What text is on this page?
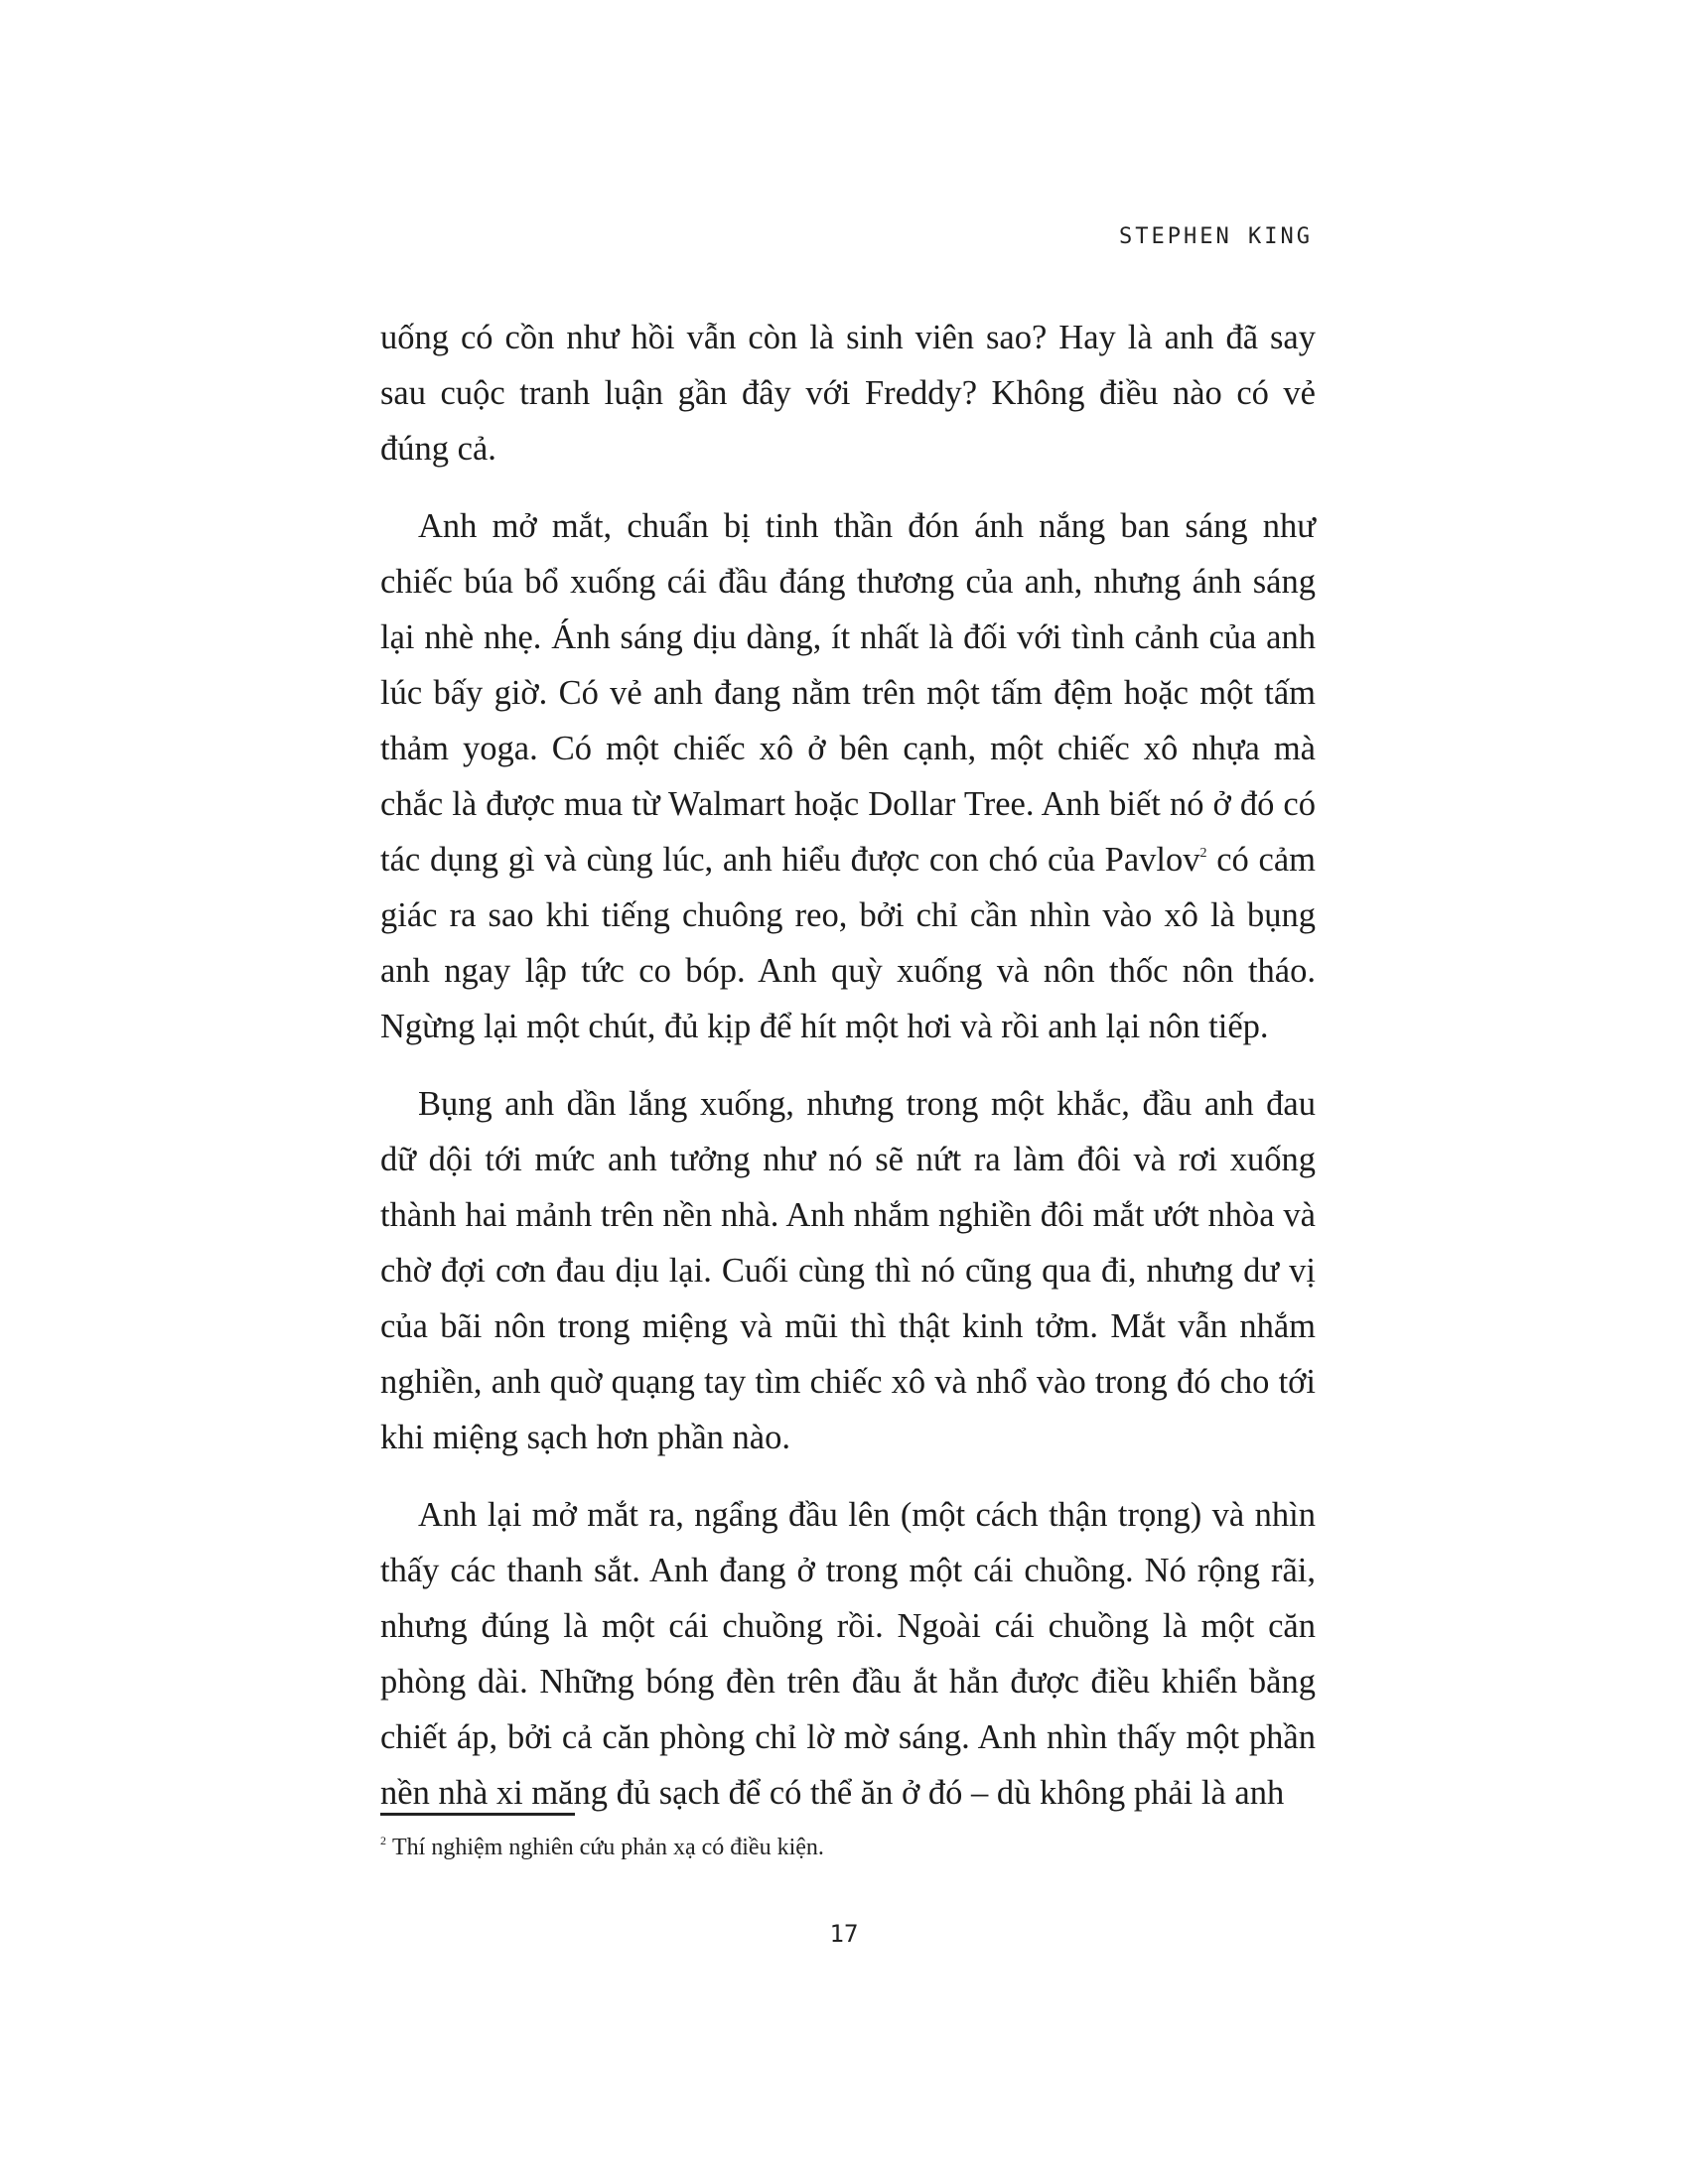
STEPHEN KING

uống có cồn như hồi vẫn còn là sinh viên sao? Hay là anh đã say sau cuộc tranh luận gần đây với Freddy? Không điều nào có vẻ đúng cả.

Anh mở mắt, chuẩn bị tinh thần đón ánh nắng ban sáng như chiếc búa bổ xuống cái đầu đáng thương của anh, nhưng ánh sáng lại nhè nhẹ. Ánh sáng dịu dàng, ít nhất là đối với tình cảnh của anh lúc bấy giờ. Có vẻ anh đang nằm trên một tấm đệm hoặc một tấm thảm yoga. Có một chiếc xô ở bên cạnh, một chiếc xô nhựa mà chắc là được mua từ Walmart hoặc Dollar Tree. Anh biết nó ở đó có tác dụng gì và cùng lúc, anh hiểu được con chó của Pavlov$^2$ có cảm giác ra sao khi tiếng chuông reo, bởi chỉ cần nhìn vào xô là bụng anh ngay lập tức co bóp. Anh quỳ xuống và nôn thốc nôn tháo. Ngừng lại một chút, đủ kịp để hít một hơi và rồi anh lại nôn tiếp.

Bụng anh dần lắng xuống, nhưng trong một khắc, đầu anh đau dữ dội tới mức anh tưởng như nó sẽ nứt ra làm đôi và rơi xuống thành hai mảnh trên nền nhà. Anh nhắm nghiền đôi mắt ướt nhòa và chờ đợi cơn đau dịu lại. Cuối cùng thì nó cũng qua đi, nhưng dư vị của bãi nôn trong miệng và mũi thì thật kinh tởm. Mắt vẫn nhắm nghiền, anh quờ quạng tay tìm chiếc xô và nhổ vào trong đó cho tới khi miệng sạch hơn phần nào.

Anh lại mở mắt ra, ngẩng đầu lên (một cách thận trọng) và nhìn thấy các thanh sắt. Anh đang ở trong một cái chuồng. Nó rộng rãi, nhưng đúng là một cái chuồng rồi. Ngoài cái chuồng là một căn phòng dài. Những bóng đèn trên đầu ắt hẳn được điều khiển bằng chiết áp, bởi cả căn phòng chỉ lờ mờ sáng. Anh nhìn thấy một phần nền nhà xi măng đủ sạch để có thể ăn ở đó – dù không phải là anh

$^2$ Thí nghiệm nghiên cứu phản xạ có điều kiện.
17
